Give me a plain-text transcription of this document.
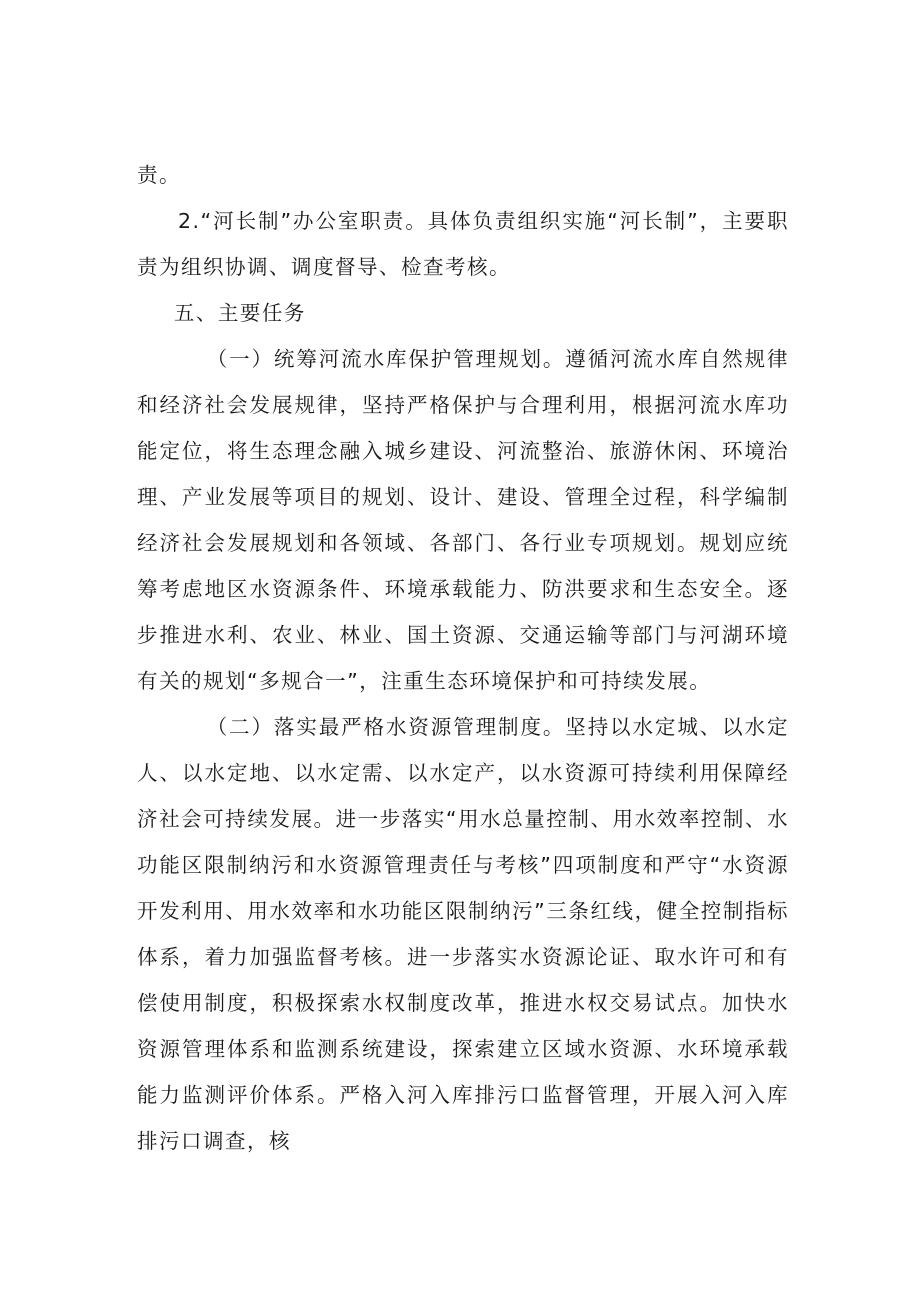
责。

2.“河长制”办公室职责。具体负责组织实施“河长制”，主要职责为组织协调、调度督导、检查考核。

五、主要任务

（一）统筹河流水库保护管理规划。遵循河流水库自然规律和经济社会发展规律，坚持严格保护与合理利用，根据河流水库功能定位，将生态理念融入城乡建设、河流整治、旅游休闲、环境治理、产业发展等项目的规划、设计、建设、管理全过程，科学编制经济社会发展规划和各领域、各部门、各行业专项规划。规划应统筹考虑地区水资源条件、环境承载能力、防洪要求和生态安全。逐步推进水利、农业、林业、国土资源、交通运输等部门与河湖环境有关的规划“多规合一”，注重生态环境保护和可持续发展。

（二）落实最严格水资源管理制度。坚持以水定城、以水定人、以水定地、以水定需、以水定产，以水资源可持续利用保障经济社会可持续发展。进一步落实“用水总量控制、用水效率控制、水功能区限制纳污和水资源管理责任与考核”四项制度和严守“水资源开发利用、用水效率和水功能区限制纳污”三条红线，健全控制指标体系，着力加强监督考核。进一步落实水资源论证、取水许可和有偿使用制度，积极探索水权制度改革，推进水权交易试点。加快水资源管理体系和监测系统建设，探索建立区域水资源、水环境承载能力监测评价体系。严格入河入库排污口监督管理，开展入河入库排污口调查，核
